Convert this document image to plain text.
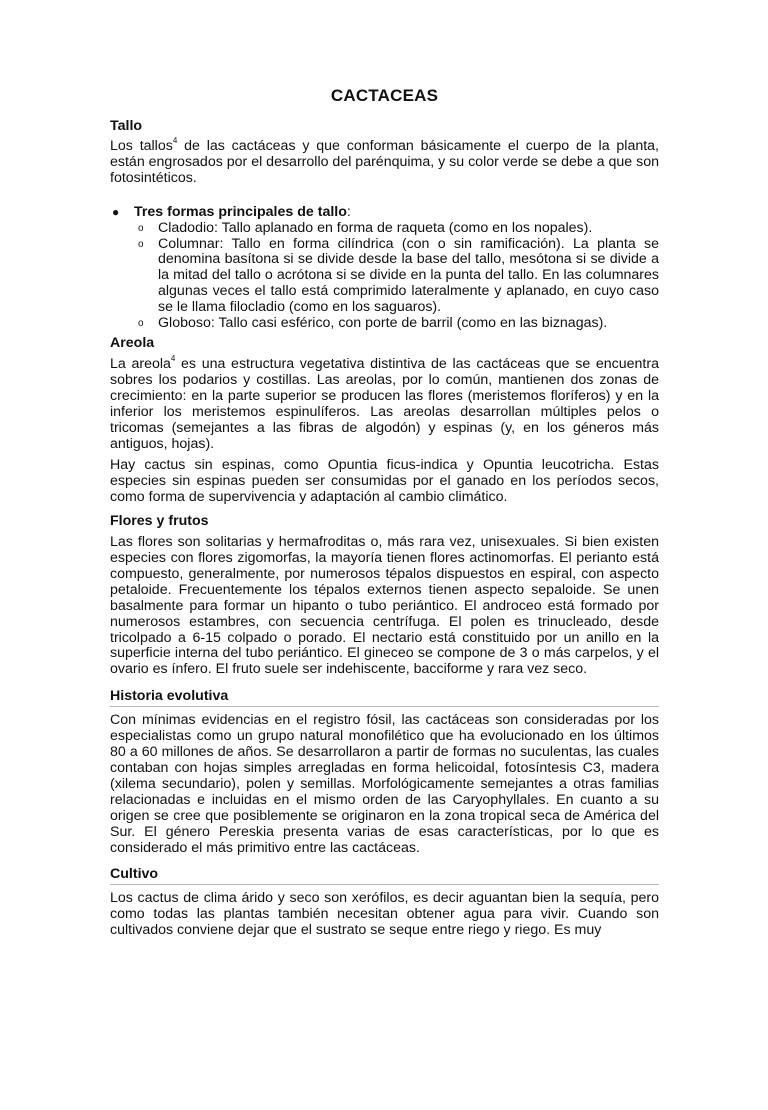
CACTACEAS
Tallo

Los tallos$^4$ de las cactáceas y que conforman básicamente el cuerpo de la planta, están engrosados por el desarrollo del parénquima, y su color verde se debe a que son fotosintéticos.

● Tres formas principales de tallo:
o Cladodio: Tallo aplanado en forma de raqueta (como en los nopales).
o Columnar: Tallo en forma cilíndrica (con o sin ramificación). La planta se denomina basítona si se divide desde la base del tallo, mesótona si se divide a la mitad del tallo o acrótona si se divide en la punta del tallo. En las columnares algunas veces el tallo está comprimido lateralmente y aplanado, en cuyo caso se le llama filocladio (como en los saguaros).
o Globoso: Tallo casi esférico, con porte de barril (como en las biznagas).
Areola

La areola$^4$ es una estructura vegetativa distintiva de las cactáceas que se encuentra sobres los podarios y costillas. Las areolas, por lo común, mantienen dos zonas de crecimiento: en la parte superior se producen las flores (meristemos floríferos) y en la inferior los meristemos espinulíferos. Las areolas desarrollan múltiples pelos o tricomas (semejantes a las fibras de algodón) y espinas (y, en los géneros más antiguos, hojas).

Hay cactus sin espinas, como Opuntia ficus-indica y Opuntia leucotricha. Estas especies sin espinas pueden ser consumidas por el ganado en los períodos secos, como forma de supervivencia y adaptación al cambio climático.

Flores y frutos

Las flores son solitarias y hermafroditas o, más rara vez, unisexuales. Si bien existen especies con flores zigomorfas, la mayoría tienen flores actinomorfas. El perianto está compuesto, generalmente, por numerosos tépalos dispuestos en espiral, con aspecto petaloide. Frecuentemente los tépalos externos tienen aspecto sepaloide. Se unen basalmente para formar un hipanto o tubo periántico. El androceo está formado por numerosos estambres, con secuencia centrífuga. El polen es trinucleado, desde tricolpado a 6-15 colpado o porado. El nectario está constituido por un anillo en la superficie interna del tubo periántico. El gineceo se compone de 3 o más carpelos, y el ovario es ínfero. El fruto suele ser indehiscente, bacciforme y rara vez seco.

Historia evolutiva

Con mínimas evidencias en el registro fósil, las cactáceas son consideradas por los especialistas como un grupo natural monofilético que ha evolucionado en los últimos 80 a 60 millones de años. Se desarrollaron a partir de formas no suculentas, las cuales contaban con hojas simples arregladas en forma helicoidal, fotosíntesis C3, madera (xilema secundario), polen y semillas. Morfológicamente semejantes a otras familias relacionadas e incluidas en el mismo orden de las Caryophyllales. En cuanto a su origen se cree que posiblemente se originaron en la zona tropical seca de América del Sur. El género Pereskia presenta varias de esas características, por lo que es considerado el más primitivo entre las cactáceas.

Cultivo

Los cactus de clima árido y seco son xerófilos, es decir aguantan bien la sequía, pero como todas las plantas también necesitan obtener agua para vivir. Cuando son cultivados conviene dejar que el sustrato se seque entre riego y riego. Es muy
